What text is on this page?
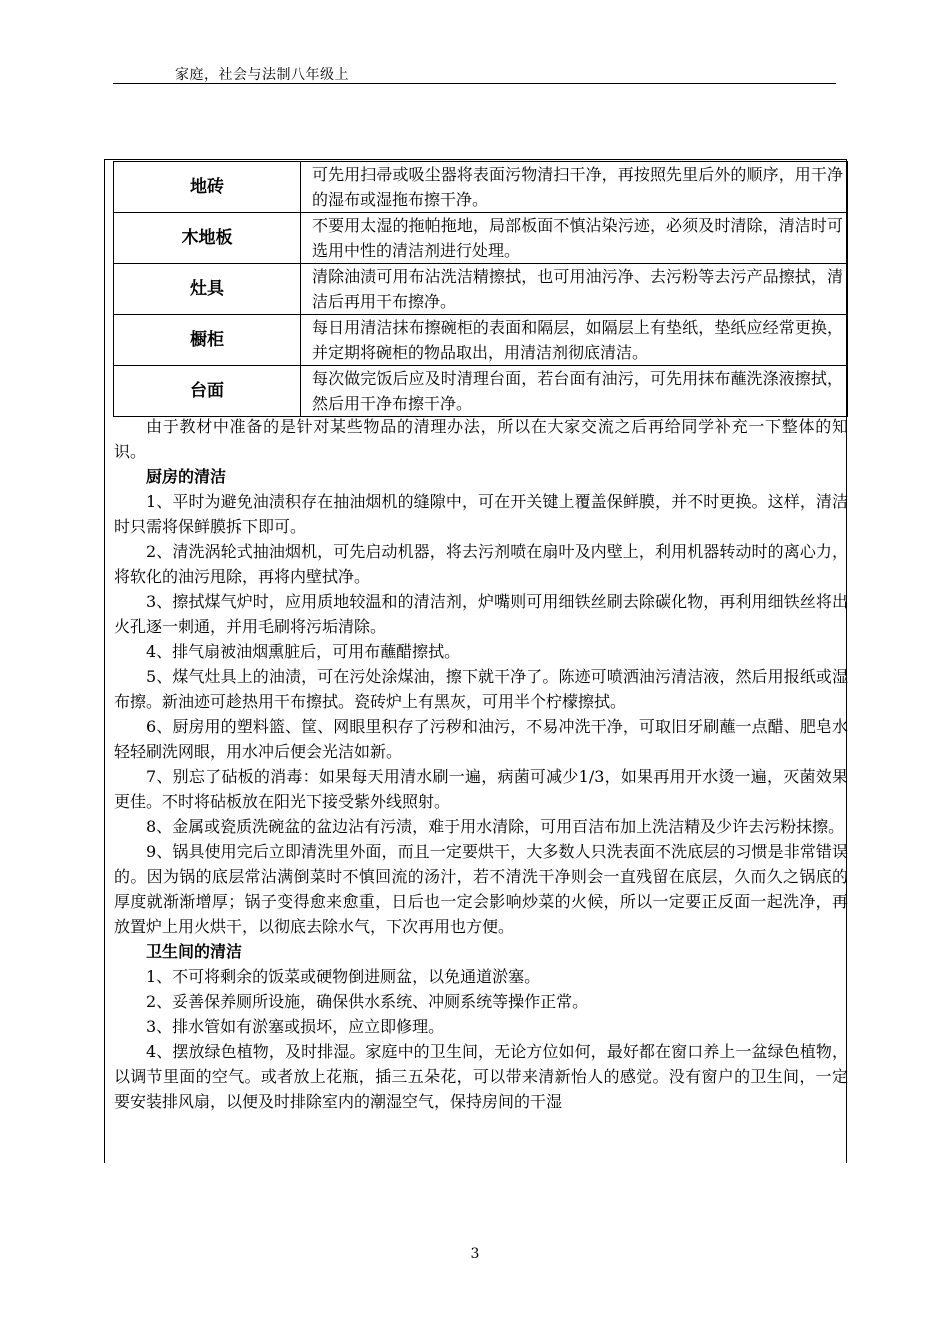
家庭，社会与法制八年级上
地砖	可先用扫帚或吸尘器将表面污物清扫干净，再按照先里后外的顺序，用干净的湿布或湿拖布擦干净。
木地板	不要用太湿的拖帕拖地，局部板面不慎沾染污迹，必须及时清除，清洁时可选用中性的清洁剂进行处理。
灶具	清除油渍可用布沾洗洁精擦拭，也可用油污净、去污粉等去污产品擦拭，清洁后再用干布擦净。
橱柜	每日用清洁抹布擦碗柜的表面和隔层，如隔层上有垫纸，垫纸应经常更换，并定期将碗柜的物品取出，用清洁剂彻底清洁。
台面	每次做完饭后应及时清理台面，若台面有油污，可先用抹布蘸洗涤液擦拭，然后用干净布擦干净。

由于教材中准备的是针对某些物品的清理办法，所以在大家交流之后再给同学补充一下整体的知识。

厨房的清洁

1、平时为避免油渍积存在抽油烟机的缝隙中，可在开关键上覆盖保鲜膜，并不时更换。这样，清洁时只需将保鲜膜拆下即可。

2、清洗涡轮式抽油烟机，可先启动机器，将去污剂喷在扇叶及内壁上，利用机器转动时的离心力，将软化的油污甩除，再将内壁拭净。

3、擦拭煤气炉时，应用质地较温和的清洁剂，炉嘴则可用细铁丝刷去除碳化物，再利用细铁丝将出火孔逐一刺通，并用毛刷将污垢清除。

4、排气扇被油烟熏脏后，可用布蘸醋擦拭。

5、煤气灶具上的油渍，可在污处涂煤油，擦下就干净了。陈迹可喷洒油污清洁液，然后用报纸或湿布擦。新油迹可趁热用干布擦拭。瓷砖炉上有黑灰，可用半个柠檬擦拭。

6、厨房用的塑料篮、筐、网眼里积存了污秽和油污，不易冲洗干净，可取旧牙刷蘸一点醋、肥皂水轻轻刷洗网眼，用水冲后便会光洁如新。

7、别忘了砧板的消毒：如果每天用清水刷一遍，病菌可减少1/3，如果再用开水烫一遍，灭菌效果更佳。不时将砧板放在阳光下接受紫外线照射。

8、金属或瓷质洗碗盆的盆边沾有污渍，难于用水清除，可用百洁布加上洗洁精及少许去污粉抹擦。

9、锅具使用完后立即清洗里外面，而且一定要烘干，大多数人只洗表面不洗底层的习惯是非常错误的。因为锅的底层常沾满倒菜时不慎回流的汤汁，若不清洗干净则会一直残留在底层，久而久之锅底的厚度就渐渐增厚；锅子变得愈来愈重，日后也一定会影响炒菜的火候，所以一定要正反面一起洗净，再放置炉上用火烘干，以彻底去除水气，下次再用也方便。

卫生间的清洁

1、不可将剩余的饭菜或硬物倒进厕盆，以免通道淤塞。

2、妥善保养厕所设施，确保供水系统、冲厕系统等操作正常。

3、排水管如有淤塞或损坏，应立即修理。

4、摆放绿色植物，及时排湿。家庭中的卫生间，无论方位如何，最好都在窗口养上一盆绿色植物，以调节里面的空气。或者放上花瓶，插三五朵花，可以带来清新怡人的感觉。没有窗户的卫生间，一定要安装排风扇，以便及时排除室内的潮湿空气，保持房间的干湿

3
